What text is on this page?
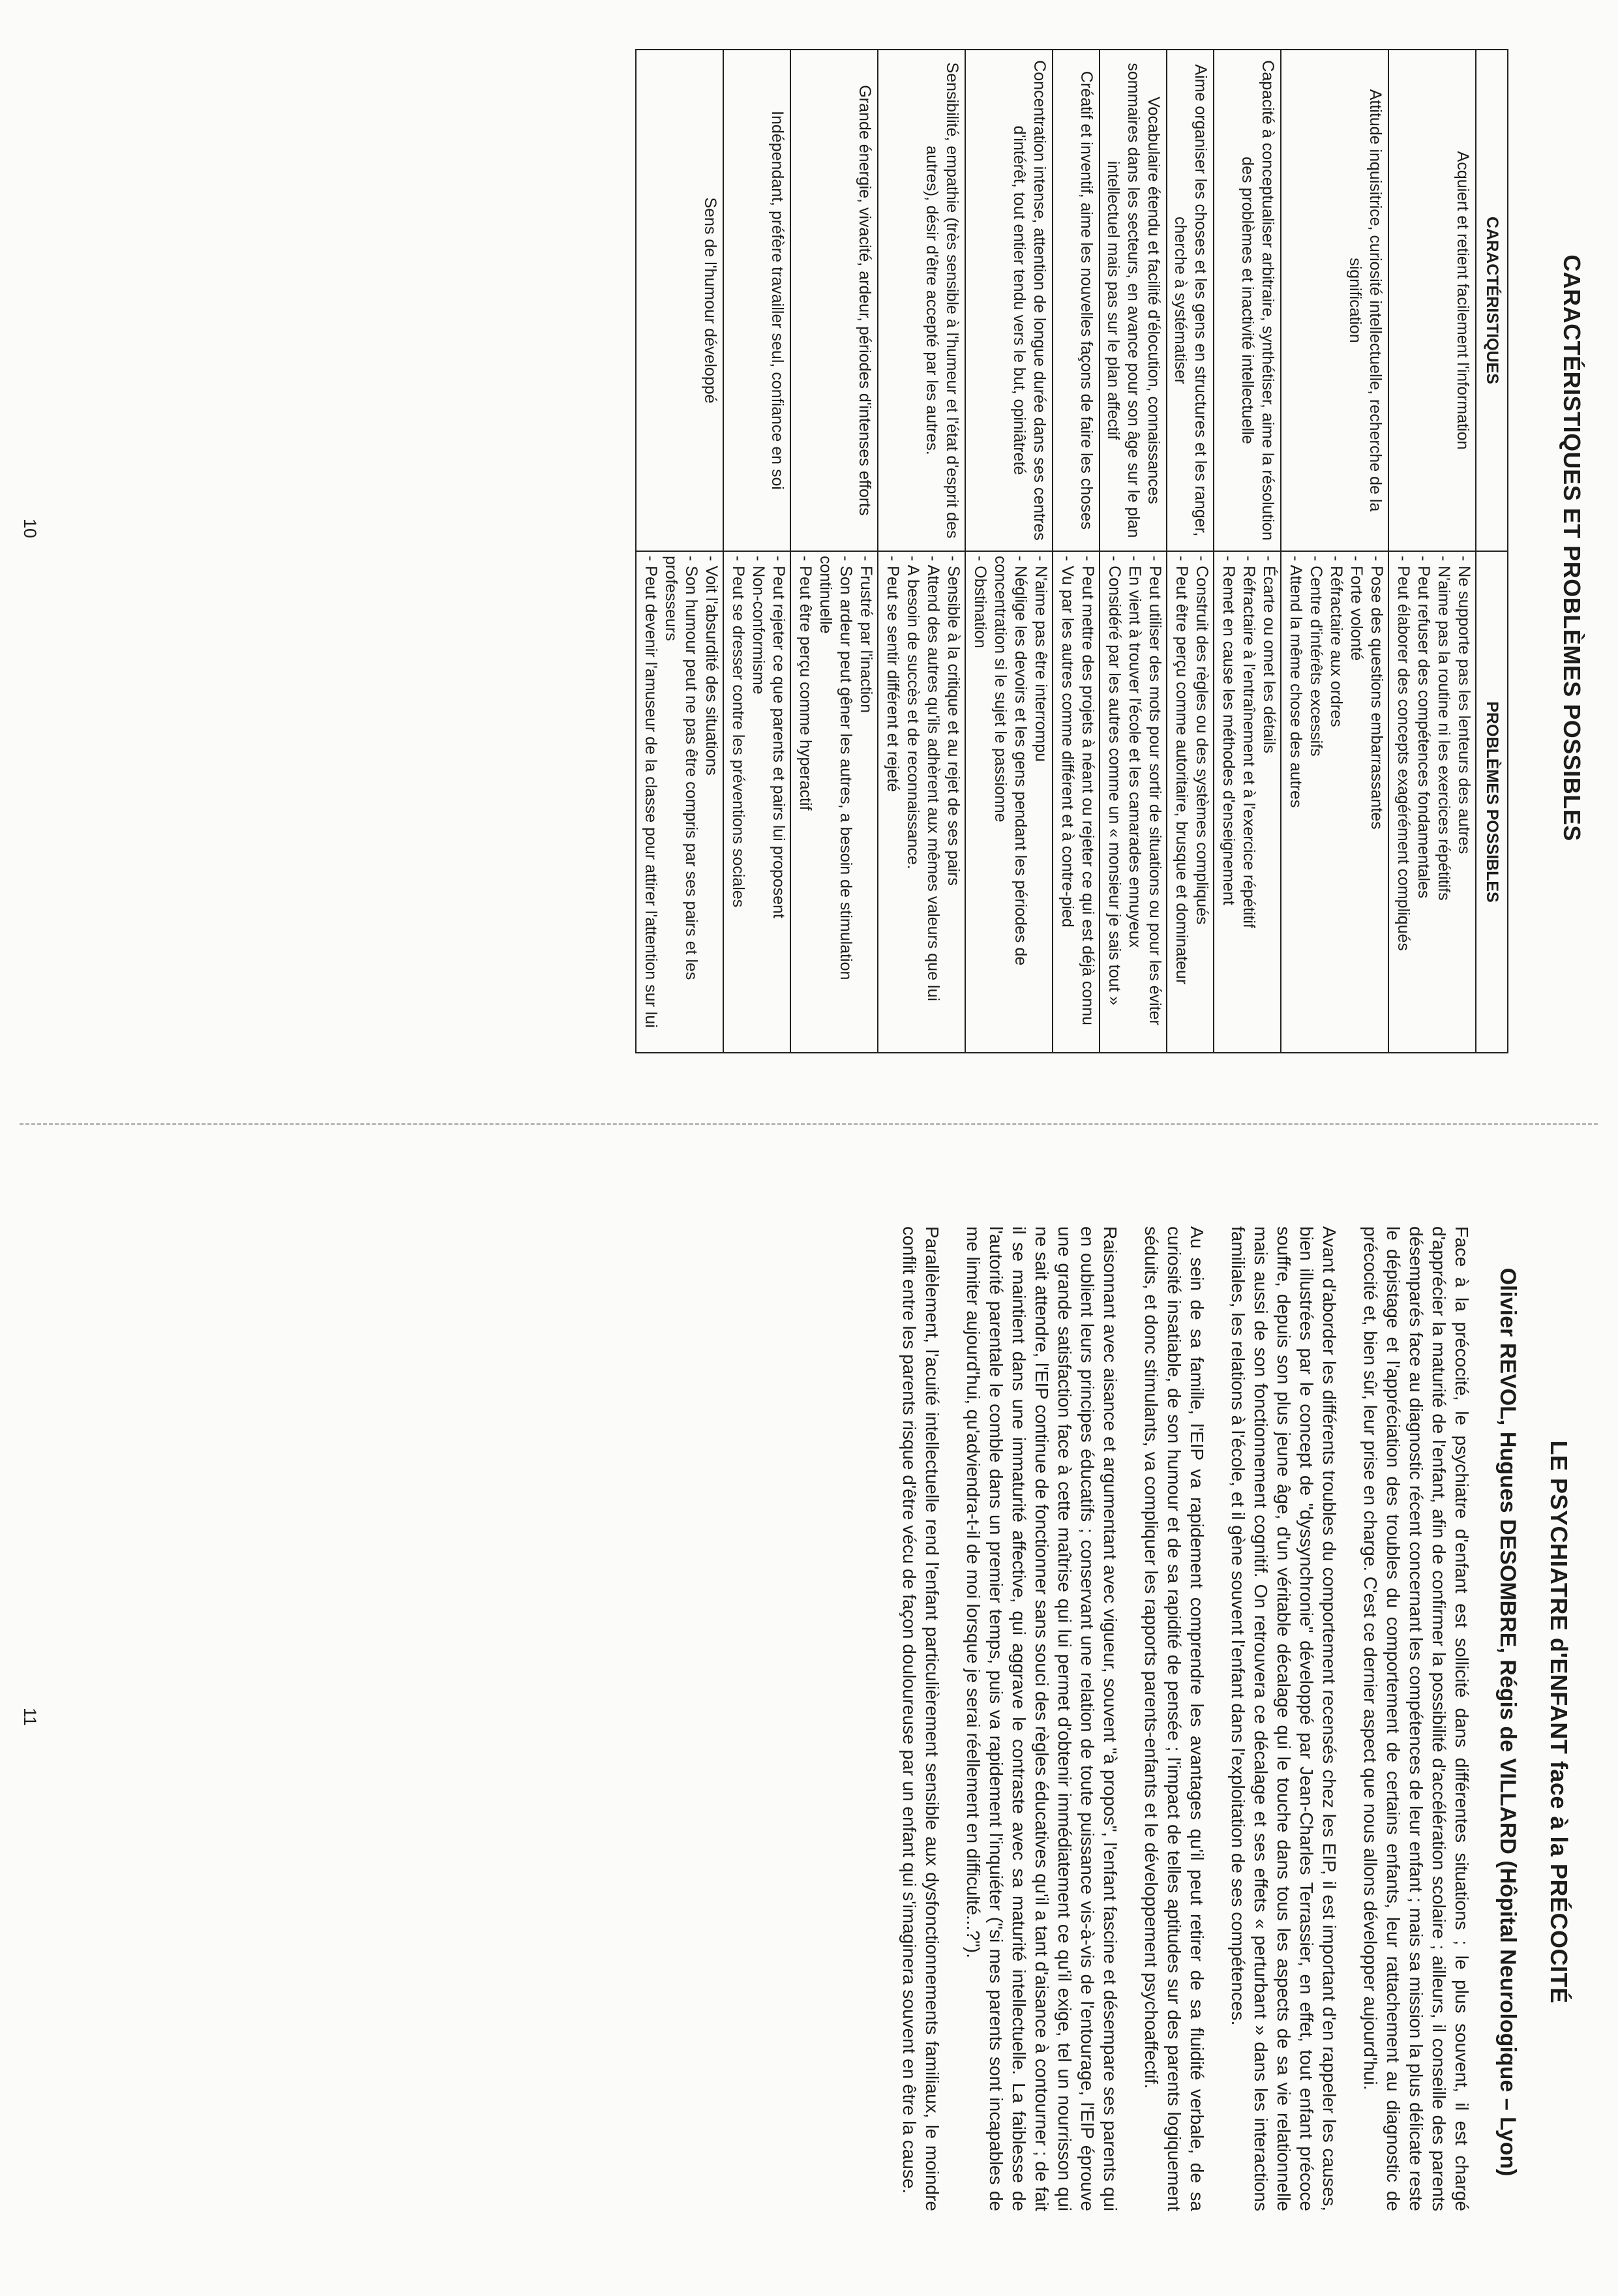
CARACTÉRISTIQUES ET PROBLÈMES POSSIBLES
CARACTÉRISTIQUES	PROBLÈMES POSSIBLES
Acquiert et retient facilement l'information	- Ne supporte pas les lenteurs des autres
- N'aime pas la routine ni les exercices répétitifs
- Peut refuser des compétences fondamentales
- Peut élaborer des concepts exagérément compliqués

Attitude inquisitrice, curiosité intellectuelle, recherche de la signification	- Pose des questions embarrassantes
- Forte volonté
- Réfractaire aux ordres
- Centre d'intérêts excessifs
- Attend la même chose des autres

Capacité à conceptualiser arbitraire, synthétiser, aime la résolution des problèmes et inactivité intellectuelle	- Écarte ou omet les détails
- Réfractaire à l'entraînement et à l'exercice répétitif
- Remet en cause les méthodes d'enseignement

Aime organiser les choses et les gens en structures et les ranger, cherche à systématiser	- Construit des règles ou des systèmes compliqués
- Peut être perçu comme autoritaire, brusque et dominateur

Vocabulaire étendu et facilité d'élocution, connaissances sommaires dans les secteurs, en avance pour son âge sur le plan intellectuel mais pas sur le plan affectif	- Peut utiliser des mots pour sortir de situations ou pour les éviter
- En vient à trouver l'école et les camarades ennuyeux
- Considéré par les autres comme un « monsieur je sais tout »

Créatif et inventif, aime les nouvelles façons de faire les choses	- Peut mettre des projets à néant ou rejeter ce qui est déjà connu
- Vu par les autres comme différent et à contre-pied

Concentration intense, attention de longue durée dans ses centres d'intérêt, tout entier tendu vers le but, opiniâtreté	- N'aime pas être interrompu
- Néglige les devoirs et les gens pendant les périodes de concentration si le sujet le passionne
- Obstination

Sensibilité, empathie (très sensible à l'humeur et l'état d'esprit des autres), désir d'être accepté par les autres.	- Sensible à la critique et au rejet de ses pairs
- Attend des autres qu'ils adhèrent aux mêmes valeurs que lui
- A besoin de succès et de reconnaissance.
- Peut se sentir différent et rejeté

Grande énergie, vivacité, ardeur, périodes d'intenses efforts	- Frustré par l'inaction
- Son ardeur peut gêner les autres, a besoin de stimulation continuelle
- Peut être perçu comme hyperactif

Indépendant, préfère travailler seul, confiance en soi	- Peut rejeter ce que parents et pairs lui proposent
- Non-conformisme
- Peut se dresser contre les préventions sociales

Sens de l'humour développé	- Voit l'absurdité des situations
- Son humour peut ne pas être compris par ses pairs et les professeurs
- Peut devenir l'amuseur de la classe pour attirer l'attention sur lui
10
LE PSYCHIATRE d'ENFANT face à la PRÉCOCITÉ
Olivier REVOL, Hugues DESOMBRE, Régis de VILLARD (Hôpital Neurologique – Lyon)

Face à la précocité, le psychiatre d'enfant est sollicité dans différentes situations ; le plus souvent, il est chargé d'apprécier la maturité de l'enfant, afin de confirmer la possibilité d'accélération scolaire ; ailleurs, il conseille des parents désemparés face au diagnostic récent concernant les compétences de leur enfant ; mais sa mission la plus délicate reste le dépistage et l'appréciation des troubles du comportement de certains enfants, leur rattachement au diagnostic de précocité et, bien sûr, leur prise en charge. C'est ce dernier aspect que nous allons développer aujourd'hui.

Avant d'aborder les différents troubles du comportement recensés chez les EIP, il est important d'en rappeler les causes, bien illustrées par le concept de "dyssynchronie" développé par Jean-Charles Terrassier, en effet, tout enfant précoce souffre, depuis son plus jeune âge, d'un véritable décalage qui le touche dans tous les aspects de sa vie relationnelle mais aussi de son fonctionnement cognitif. On retrouvera ce décalage et ses effets « perturbant » dans les interactions familiales, les relations à l'école, et il gène souvent l'enfant dans l'exploitation de ses compétences.

Au sein de sa famille, l'EIP va rapidement comprendre les avantages qu'il peut retirer de sa fluidité verbale, de sa curiosité insatiable, de son humour et de sa rapidité de pensée ; l'impact de telles aptitudes sur des parents logiquement séduits, et donc stimulants, va compliquer les rapports parents-enfants et le développement psychoaffectif.

Raisonnant avec aisance et argumentant avec vigueur, souvent "à propos", l'enfant fascine et désempare ses parents qui en oublient leurs principes éducatifs ; conservant une relation de toute puissance vis-à-vis de l'entourage, l'EIP éprouve une grande satisfaction face à cette maîtrise qui lui permet d'obtenir immédiatement ce qu'il exige, tel un nourrisson qui ne sait attendre, l'EIP continue de fonctionner sans souci des règles éducatives qu'il a tant d'aisance à contourner ; de fait il se maintient dans une immaturité affective, qui aggrave le contraste avec sa maturité intellectuelle. La faiblesse de l'autorité parentale le comble dans un premier temps, puis va rapidement l'inquiéter ("si mes parents sont incapables de me limiter aujourd'hui, qu'adviendra-t-il de moi lorsque je serai réellement en difficulté...?").

Parallèlement, l'acuité intellectuelle rend l'enfant particulièrement sensible aux dysfonctionnements familiaux, le moindre conflit entre les parents risque d'être vécu de façon douloureuse par un enfant qui s'imaginera souvent en être la cause.

11
